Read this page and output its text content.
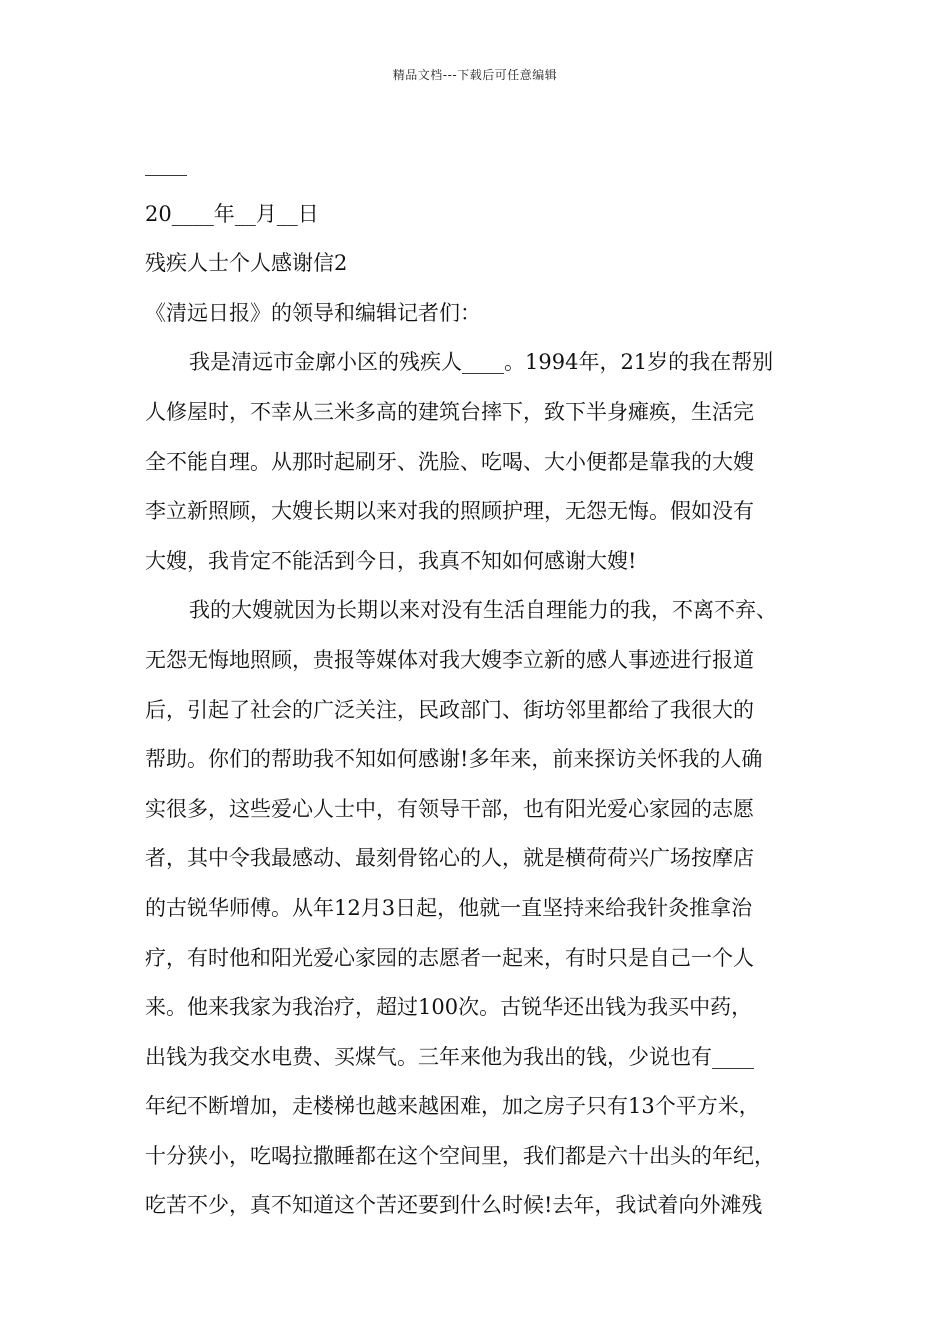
精品文档---下载后可任意编辑
____
20____年__月__日
残疾人士个人感谢信2
《清远日报》的领导和编辑记者们：
我是清远市金廓小区的残疾人____。1994年，21岁的我在帮别
人修屋时，不幸从三米多高的建筑台摔下，致下半身瘫痪，生活完
全不能自理。从那时起刷牙、洗脸、吃喝、大小便都是靠我的大嫂
李立新照顾，大嫂长期以来对我的照顾护理，无怨无悔。假如没有
大嫂，我肯定不能活到今日，我真不知如何感谢大嫂!
我的大嫂就因为长期以来对没有生活自理能力的我，不离不弃、
无怨无悔地照顾，贵报等媒体对我大嫂李立新的感人事迹进行报道
后，引起了社会的广泛关注，民政部门、街坊邻里都给了我很大的
帮助。你们的帮助我不知如何感谢!多年来，前来探访关怀我的人确
实很多，这些爱心人士中，有领导干部，也有阳光爱心家园的志愿
者，其中令我最感动、最刻骨铭心的人，就是横荷荷兴广场按摩店
的古锐华师傅。从年12月3日起，他就一直坚持来给我针灸推拿治
疗，有时他和阳光爱心家园的志愿者一起来，有时只是自己一个人
来。他来我家为我治疗，超过100次。古锐华还出钱为我买中药，
出钱为我交水电费、买煤气。三年来他为我出的钱，少说也有____
年纪不断增加，走楼梯也越来越困难，加之房子只有13个平方米，
十分狭小，吃喝拉撒睡都在这个空间里，我们都是六十出头的年纪，
吃苦不少，真不知道这个苦还要到什么时候!去年，我试着向外滩残
